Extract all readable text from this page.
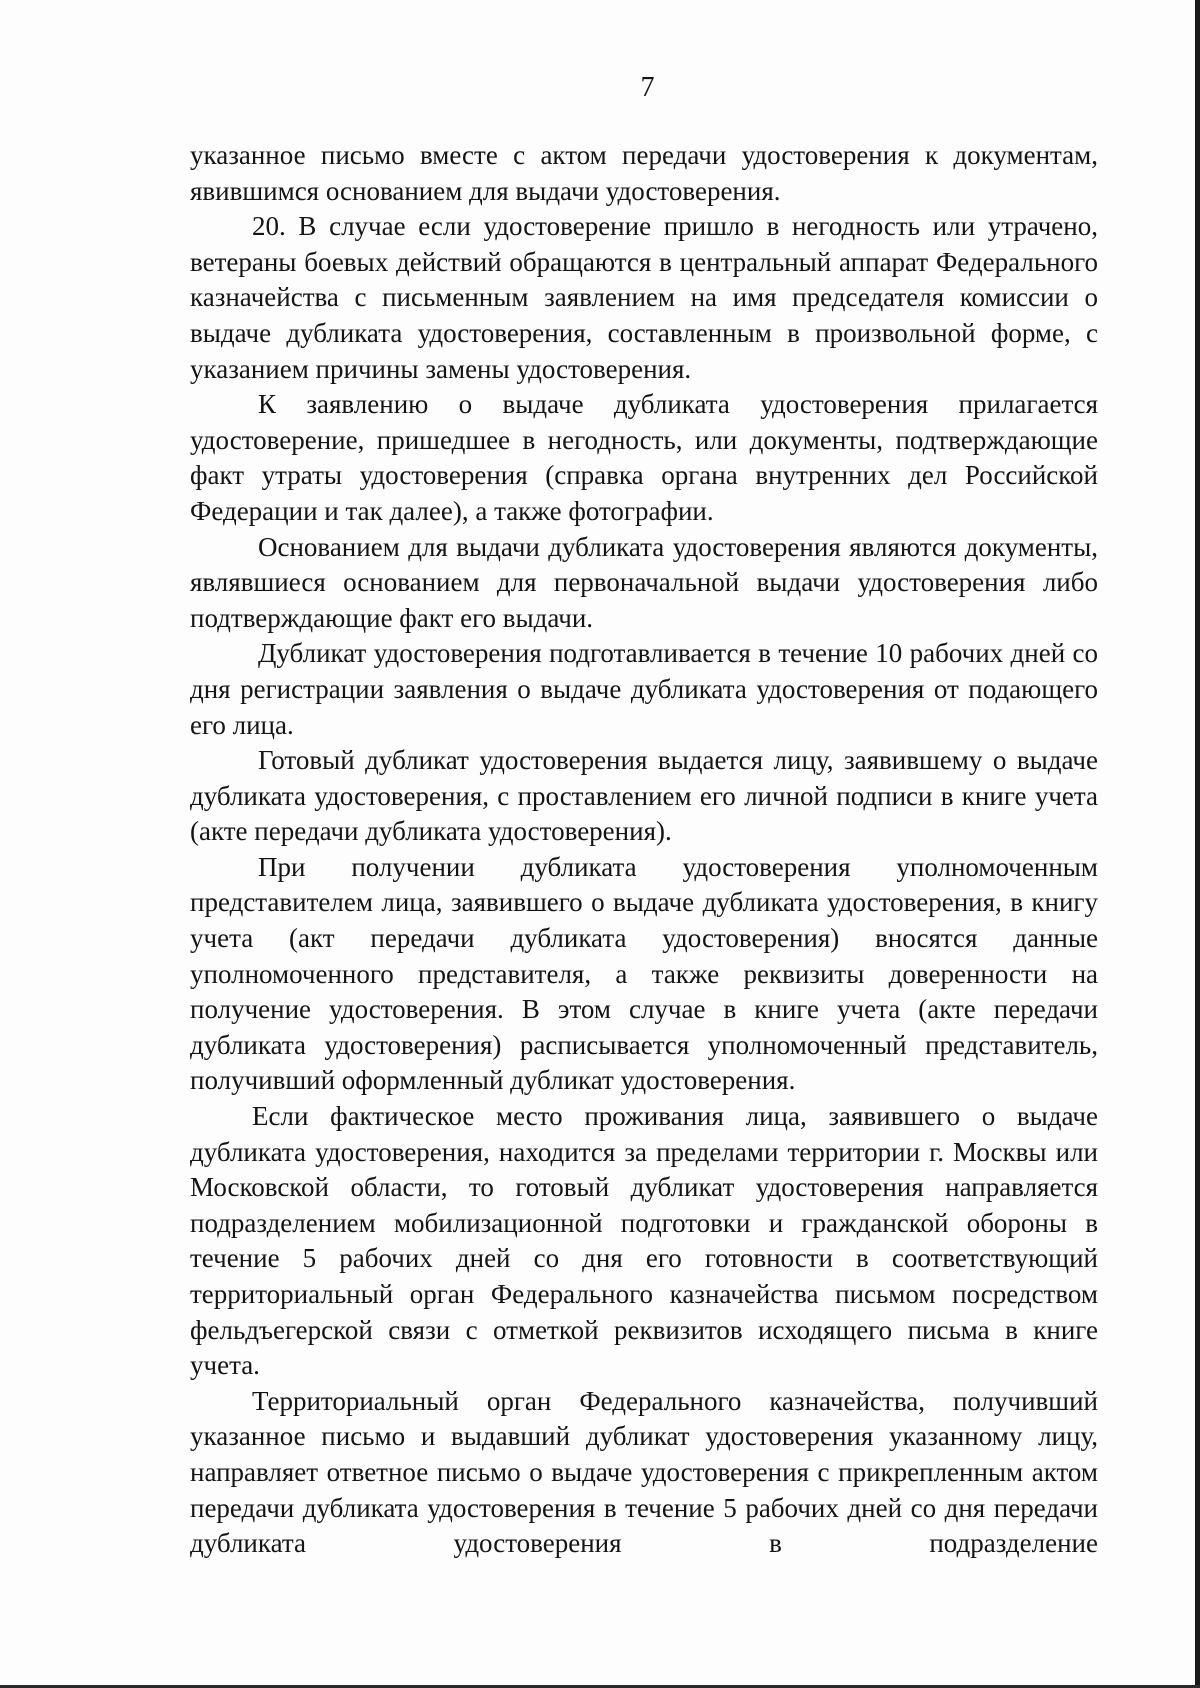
7

указанное письмо вместе с актом передачи удостоверения к документам, явившимся основанием для выдачи удостоверения.

20. В случае если удостоверение пришло в негодность или утрачено, ветераны боевых действий обращаются в центральный аппарат Федерального казначейства с письменным заявлением на имя председателя комиссии о выдаче дубликата удостоверения, составленным в произвольной форме, с указанием причины замены удостоверения.

К заявлению о выдаче дубликата удостоверения прилагается удостоверение, пришедшее в негодность, или документы, подтверждающие факт утраты удостоверения (справка органа внутренних дел Российской Федерации и так далее), а также фотографии.

Основанием для выдачи дубликата удостоверения являются документы, являвшиеся основанием для первоначальной выдачи удостоверения либо подтверждающие факт его выдачи.

Дубликат удостоверения подготавливается в течение 10 рабочих дней со дня регистрации заявления о выдаче дубликата удостоверения от подающего его лица.

Готовый дубликат удостоверения выдается лицу, заявившему о выдаче дубликата удостоверения, с проставлением его личной подписи в книге учета (акте передачи дубликата удостоверения).

При получении дубликата удостоверения уполномоченным представителем лица, заявившего о выдаче дубликата удостоверения, в книгу учета (акт передачи дубликата удостоверения) вносятся данные уполномоченного представителя, а также реквизиты доверенности на получение удостоверения. В этом случае в книге учета (акте передачи дубликата удостоверения) расписывается уполномоченный представитель, получивший оформленный дубликат удостоверения.

Если фактическое место проживания лица, заявившего о выдаче дубликата удостоверения, находится за пределами территории г. Москвы или Московской области, то готовый дубликат удостоверения направляется подразделением мобилизационной подготовки и гражданской обороны в течение 5 рабочих дней со дня его готовности в соответствующий территориальный орган Федерального казначейства письмом посредством фельдъегерской связи с отметкой реквизитов исходящего письма в книге учета.

Территориальный орган Федерального казначейства, получивший указанное письмо и выдавший дубликат удостоверения указанному лицу, направляет ответное письмо о выдаче удостоверения с прикрепленным актом передачи дубликата удостоверения в течение 5 рабочих дней со дня передачи дубликата удостоверения в подразделение
